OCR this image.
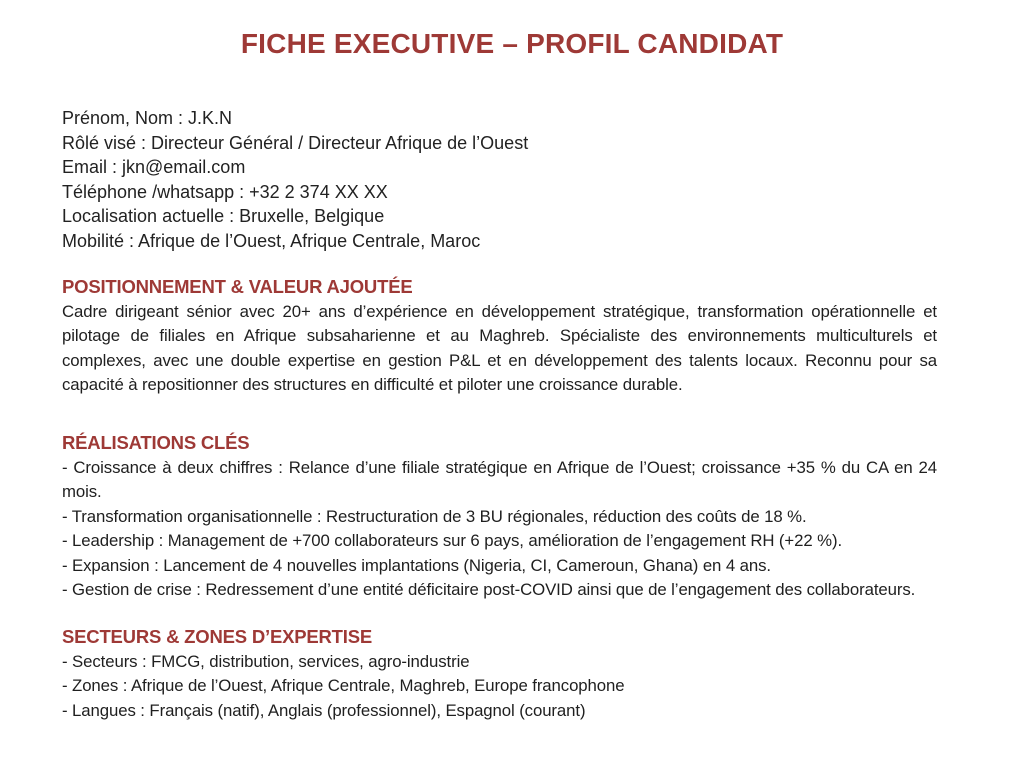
FICHE EXECUTIVE – PROFIL CANDIDAT
Prénom, Nom : J.K.N
Rôlé visé : Directeur Général / Directeur Afrique de l’Ouest
Email : jkn@email.com
Téléphone /whatsapp : +32 2 374 XX XX
Localisation actuelle : Bruxelle, Belgique
Mobilité : Afrique de l’Ouest, Afrique Centrale, Maroc
POSITIONNEMENT & VALEUR AJOUTÉE

Cadre dirigeant sénior avec 20+ ans d’expérience en développement stratégique, transformation opérationnelle et pilotage de filiales en Afrique subsaharienne et au Maghreb. Spécialiste des environnements multiculturels et complexes, avec une double expertise en gestion P&L et en développement des talents locaux. Reconnu pour sa capacité à repositionner des structures en difficulté et piloter une croissance durable.

RÉALISATIONS CLÉS
- Croissance à deux chiffres : Relance d’une filiale stratégique en Afrique de l’Ouest; croissance +35 % du CA en 24 mois.
- Transformation organisationnelle : Restructuration de 3 BU régionales, réduction des coûts de 18 %.
- Leadership : Management de +700 collaborateurs sur 6 pays, amélioration de l’engagement RH (+22 %).
- Expansion : Lancement de 4 nouvelles implantations (Nigeria, CI, Cameroun, Ghana) en 4 ans.
- Gestion de crise : Redressement d’une entité déficitaire post-COVID ainsi que de l’engagement des collaborateurs.
SECTEURS & ZONES D’EXPERTISE
- Secteurs : FMCG, distribution, services, agro-industrie
- Zones : Afrique de l’Ouest, Afrique Centrale, Maghreb, Europe francophone
- Langues : Français (natif), Anglais (professionnel), Espagnol (courant)
